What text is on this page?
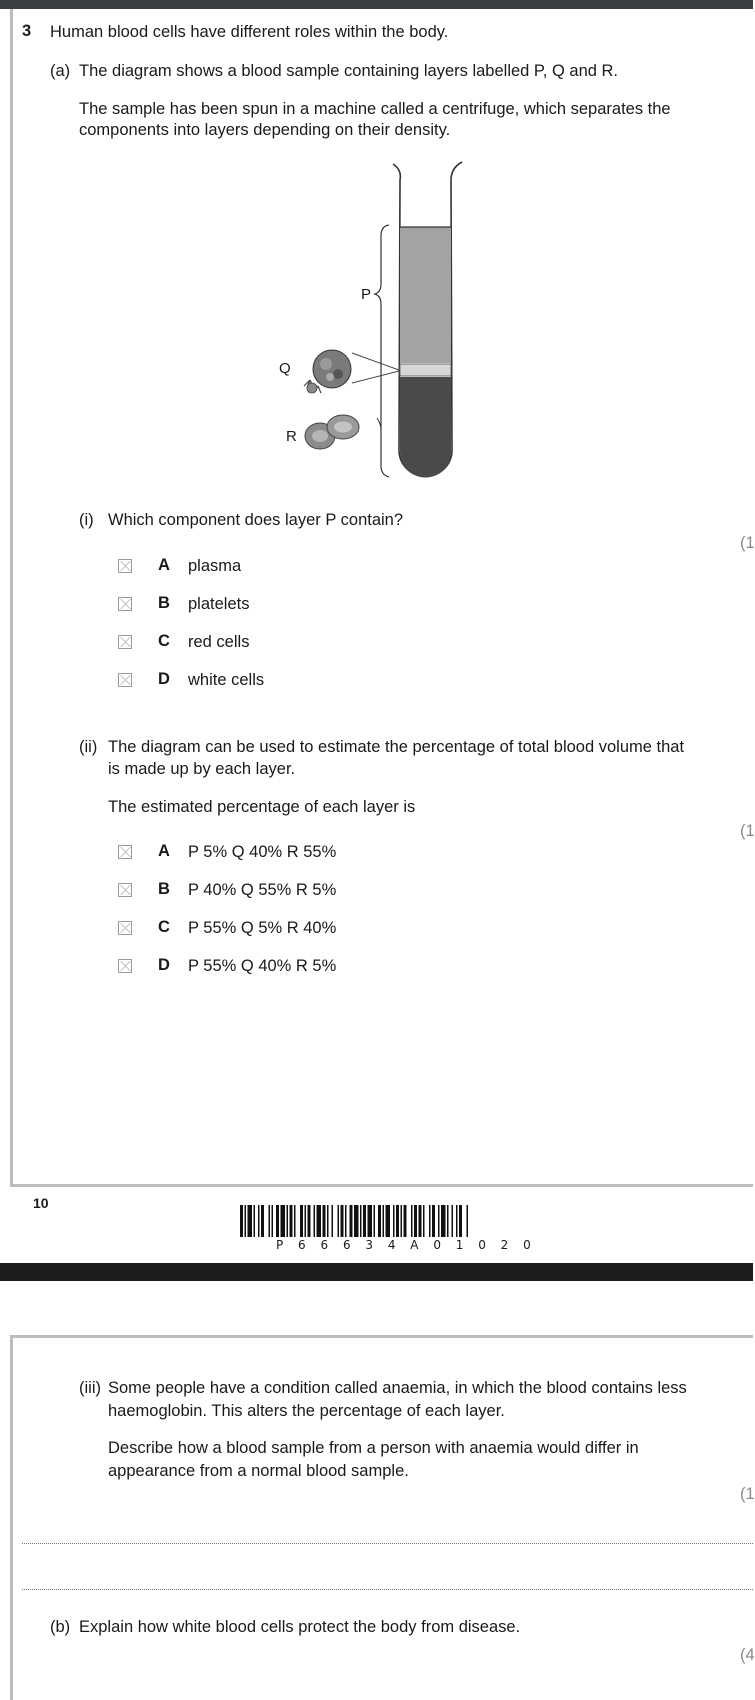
3 Human blood cells have different roles within the body.
(a) The diagram shows a blood sample containing layers labelled P, Q and R.
The sample has been spun in a machine called a centrifuge, which separates the
components into layers depending on their density.
P
Q
R
(i) Which component does layer P contain?
(1
A plasma
B platelets
C red cells
D white cells
(ii) The diagram can be used to estimate the percentage of total blood volume that
is made up by each layer.
The estimated percentage of each layer is
(1
A P 5% Q 40% R 55%
B P 40% Q 55% R 5%
C P 55% Q 5% R 40%
D P 55% Q 40% R 5%
10
P 6 6 6 3 4 A 0 1 0 2 0
(iii) Some people have a condition called anaemia, in which the blood contains less
haemoglobin. This alters the percentage of each layer.
Describe how a blood sample from a person with anaemia would differ in
appearance from a normal blood sample.
(1
(b) Explain how white blood cells protect the body from disease.
(4
